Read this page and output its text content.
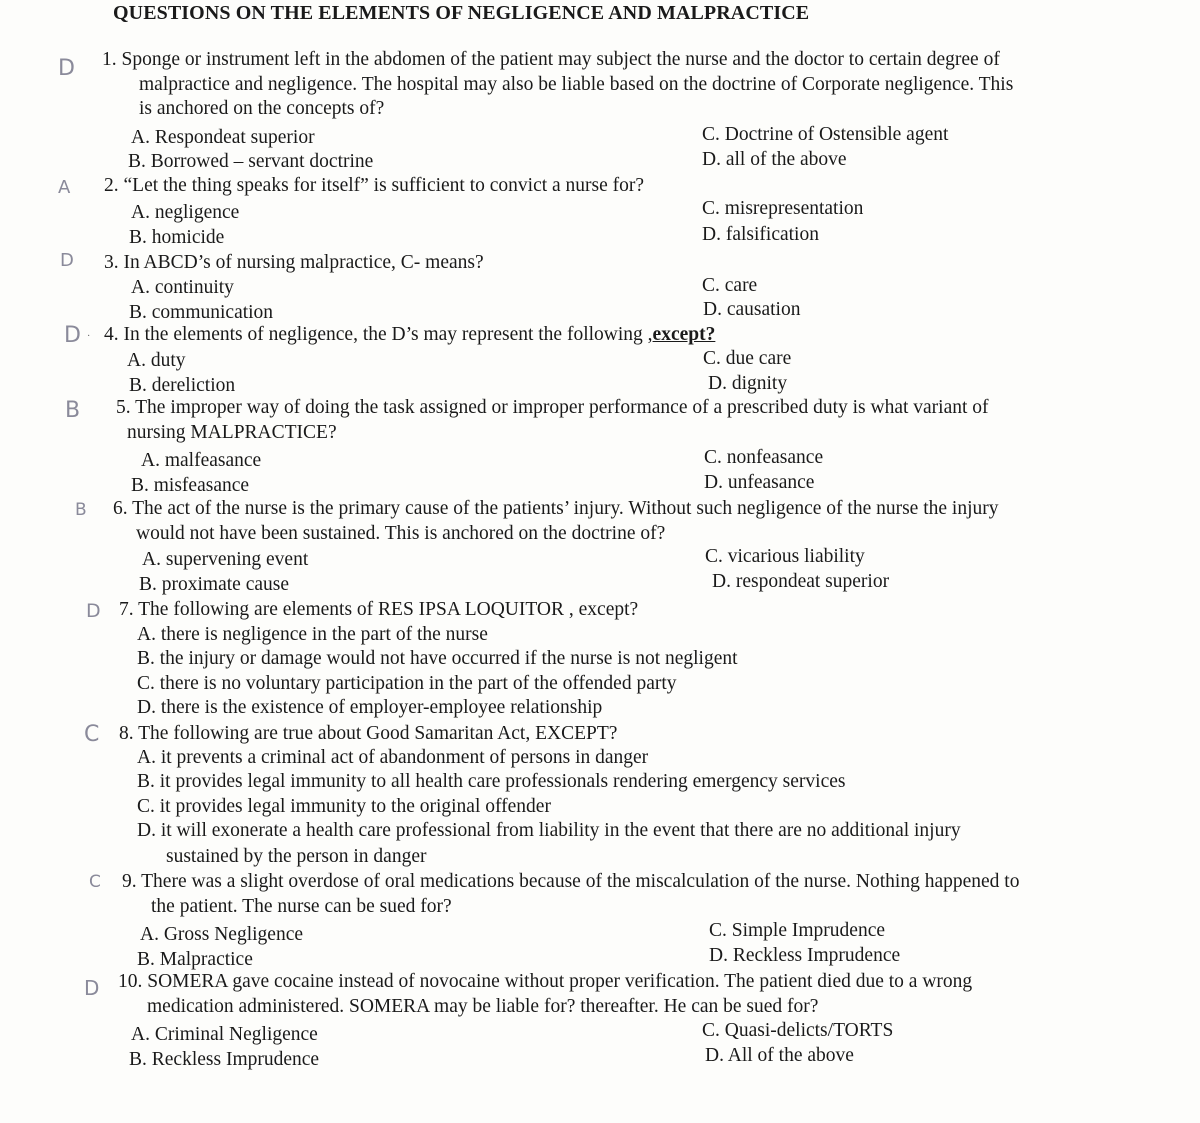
QUESTIONS ON THE ELEMENTS OF NEGLIGENCE AND MALPRACTICE
D 1. Sponge or instrument left in the abdomen of the patient may subject the nurse and the doctor to certain degree of
malpractice and negligence. The hospital may also be liable based on the doctrine of Corporate negligence. This
is anchored on the concepts of?
A. Respondeat superior
B. Borrowed – servant doctrine
C. Doctrine of Ostensible agent
D. all of the above
A 2. “Let the thing speaks for itself” is sufficient to convict a nurse for?
A. negligence
B. homicide
C. misrepresentation
D. falsification
D 3. In ABCD’s of nursing malpractice, C- means?
A. continuity
B. communication
C. care
D. causation
D · 4. In the elements of negligence, the D’s may represent the following ,except?
A. duty
B. dereliction
C. due care
D. dignity
B 5. The improper way of doing the task assigned or improper performance of a prescribed duty is what variant of
nursing MALPRACTICE?
A. malfeasance
B. misfeasance
C. nonfeasance
D. unfeasance
B 6. The act of the nurse is the primary cause of the patients’ injury. Without such negligence of the nurse the injury
would not have been sustained. This is anchored on the doctrine of?
A. supervening event
B. proximate cause
C. vicarious liability
D. respondeat superior
D 7. The following are elements of RES IPSA LOQUITOR , except?
A. there is negligence in the part of the nurse
B. the injury or damage would not have occurred if the nurse is not negligent
C. there is no voluntary participation in the part of the offended party
D. there is the existence of employer-employee relationship
C 8. The following are true about Good Samaritan Act, EXCEPT?
A. it prevents a criminal act of abandonment of persons in danger
B. it provides legal immunity to all health care professionals rendering emergency services
C. it provides legal immunity to the original offender
D. it will exonerate a health care professional from liability in the event that there are no additional injury
sustained by the person in danger
C 9. There was a slight overdose of oral medications because of the miscalculation of the nurse. Nothing happened to
the patient. The nurse can be sued for?
A. Gross Negligence
B. Malpractice
C. Simple Imprudence
D. Reckless Imprudence
D 10. SOMERA gave cocaine instead of novocaine without proper verification. The patient died due to a wrong
medication administered. SOMERA may be liable for? thereafter. He can be sued for?
A. Criminal Negligence
B. Reckless Imprudence
C. Quasi-delicts/TORTS
D. All of the above
